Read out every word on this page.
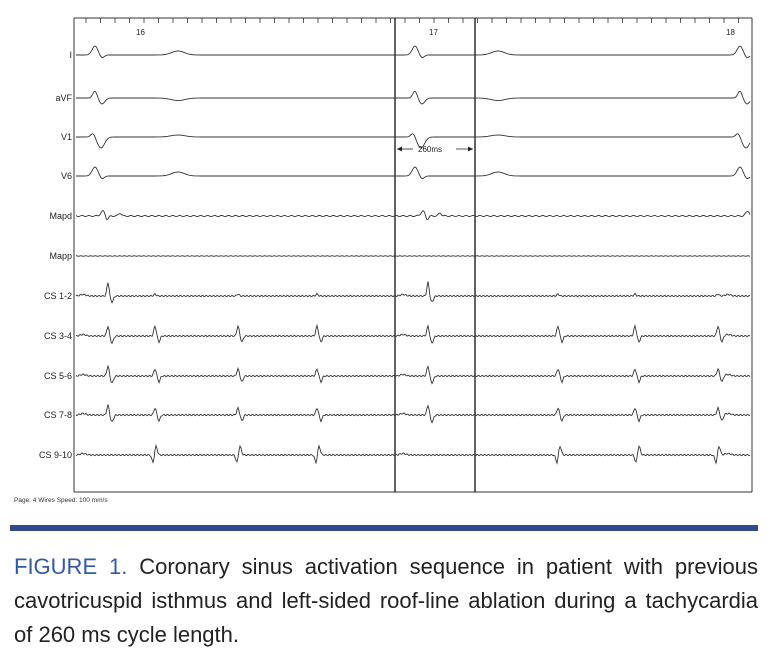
16	17	18
I
aVF
V1
V6
Mapd
Mapp
CS 1-2
CS 3-4
CS 5-6
CS 7-8
CS 9-10
260ms
Page: 4 Wires Speed: 100 mm/s
FIGURE 1. Coronary sinus activation sequence in patient with previous cavotricuspid isthmus and left-sided roof-line ablation during a tachycardia of 260 ms cycle length.
